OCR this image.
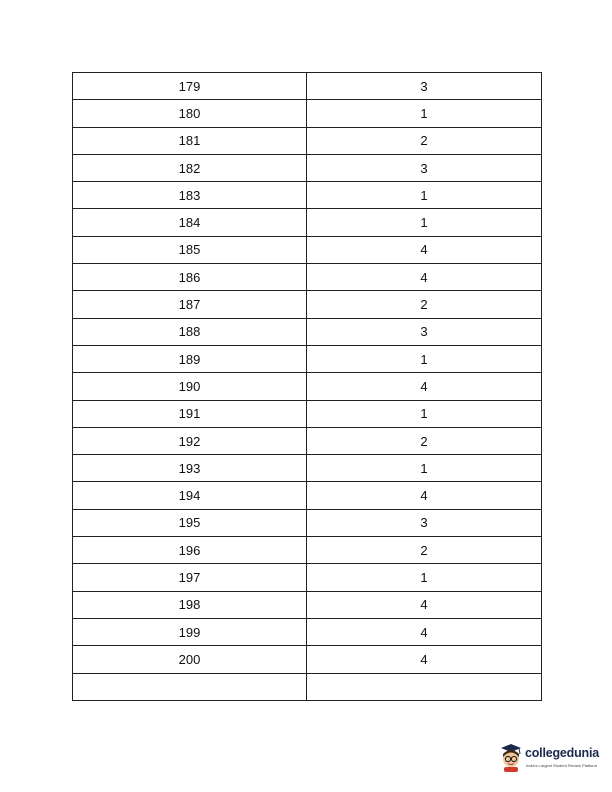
179	3
180	1
181	2
182	3
183	1
184	1
185	4
186	4
187	2
188	3
189	1
190	4
191	1
192	2
193	1
194	4
195	3
196	2
197	1
198	4
199	4
200	4

collegedunia
India's Largest Student Review Platform
